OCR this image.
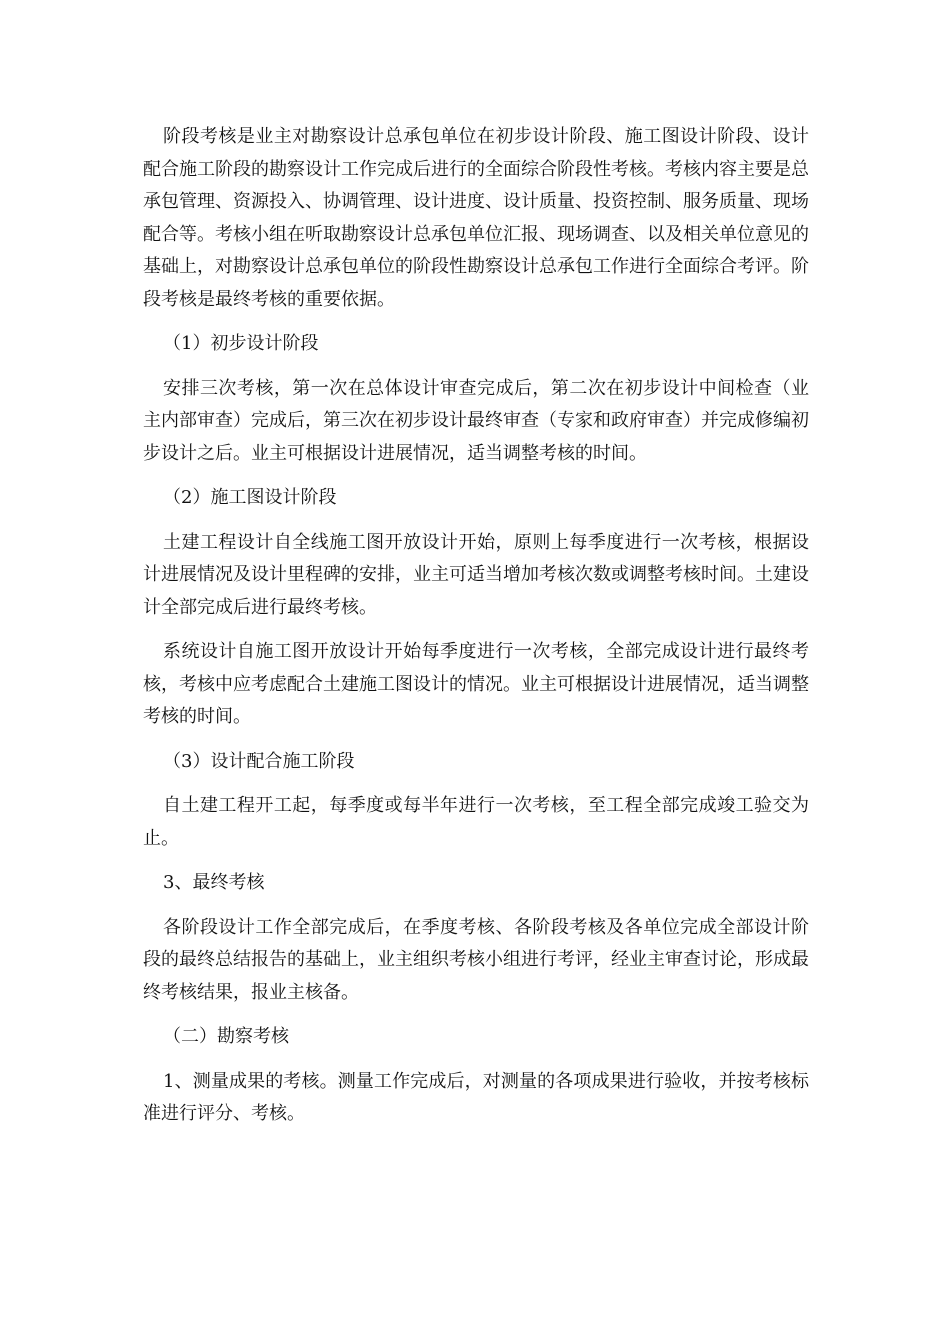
阶段考核是业主对勘察设计总承包单位在初步设计阶段、施工图设计阶段、设计配合施工阶段的勘察设计工作完成后进行的全面综合阶段性考核。考核内容主要是总承包管理、资源投入、协调管理、设计进度、设计质量、投资控制、服务质量、现场配合等。考核小组在听取勘察设计总承包单位汇报、现场调查、以及相关单位意见的基础上，对勘察设计总承包单位的阶段性勘察设计总承包工作进行全面综合考评。阶段考核是最终考核的重要依据。

（1）初步设计阶段

安排三次考核，第一次在总体设计审查完成后，第二次在初步设计中间检查（业主内部审查）完成后，第三次在初步设计最终审查（专家和政府审查）并完成修编初步设计之后。业主可根据设计进展情况，适当调整考核的时间。

（2）施工图设计阶段

土建工程设计自全线施工图开放设计开始，原则上每季度进行一次考核，根据设计进展情况及设计里程碑的安排，业主可适当增加考核次数或调整考核时间。土建设计全部完成后进行最终考核。

系统设计自施工图开放设计开始每季度进行一次考核，全部完成设计进行最终考核，考核中应考虑配合土建施工图设计的情况。业主可根据设计进展情况，适当调整考核的时间。

（3）设计配合施工阶段

自土建工程开工起，每季度或每半年进行一次考核，至工程全部完成竣工验交为止。

3、最终考核

各阶段设计工作全部完成后，在季度考核、各阶段考核及各单位完成全部设计阶段的最终总结报告的基础上，业主组织考核小组进行考评，经业主审查讨论，形成最终考核结果，报业主核备。

（二）勘察考核

1、测量成果的考核。测量工作完成后，对测量的各项成果进行验收，并按考核标准进行评分、考核。
